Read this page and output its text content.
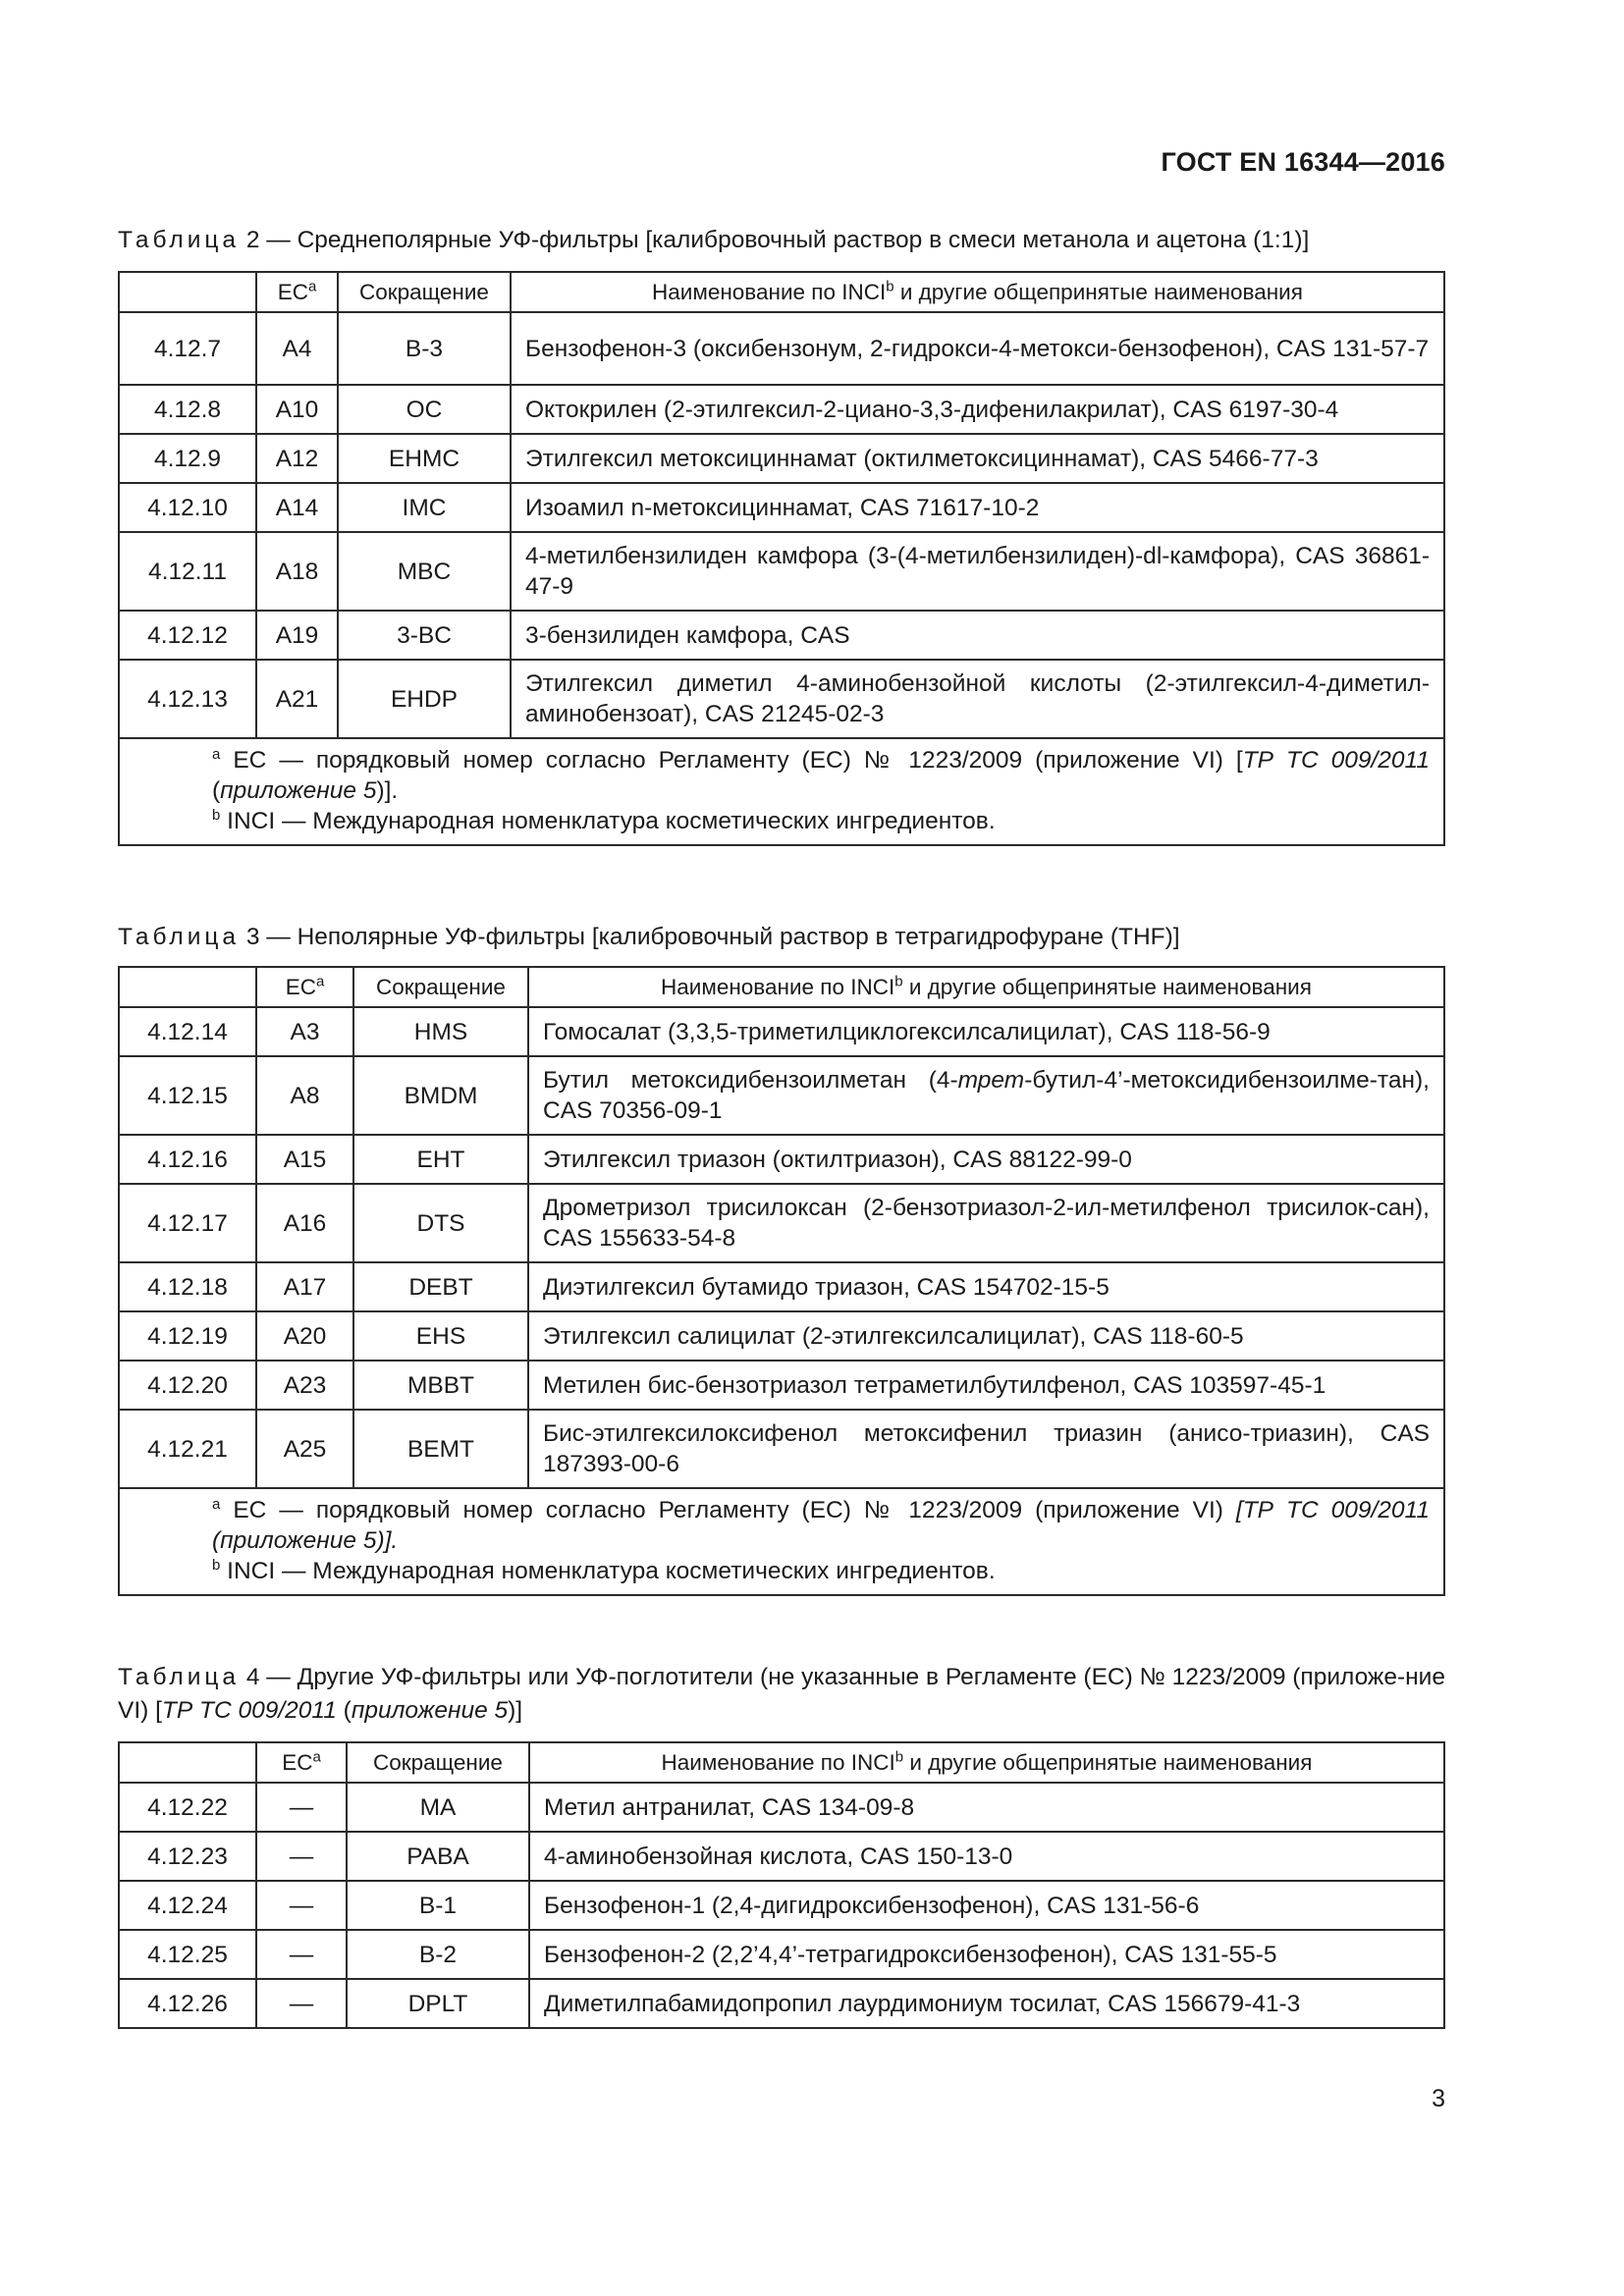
ГОСТ EN 16344—2016
Таблица 2 — Среднеполярные УФ-фильтры [калибровочный раствор в смеси метанола и ацетона (1:1)]
	$EC^a$	Сокращение	Наименование по INCI$^b$ и другие общепринятые наименования
4.12.7	A4	B-3	Бензофенон-3 (оксибензонум, 2-гидрокси-4-метокси-бензофенон), CAS 131-57-7
4.12.8	A10	OC	Октокрилен (2-этилгексил-2-циано-3,3-дифенилакрилат), CAS 6197-30-4
4.12.9	A12	EHMC	Этилгексил метоксициннамат (октилметоксициннамат), CAS 5466-77-3
4.12.10	A14	IMC	Изоамил n-метоксициннамат, CAS 71617-10-2
4.12.11	A18	MBC	4-метилбензилиден камфора (3-(4-метилбензилиден)-dl-камфора), CAS 36861-47-9
4.12.12	A19	3-BC	3-бензилиден камфора, CAS
4.12.13	A21	EHDP	Этилгексил диметил 4-аминобензойной кислоты (2-этилгексил-4-диметил-аминобензоат), CAS 21245-02-3

$^a$ EC — порядковый номер согласно Регламенту (ЕС) № 1223/2009 (приложение VI) [ТР ТС 009/2011 (приложение 5)].
$^b$ INCI — Международная номенклатура косметических ингредиентов.			
Таблица 3 — Неполярные УФ-фильтры [калибровочный раствор в тетрагидрофуране (THF)]
	$EC^a$	Сокращение	Наименование по INCI$^b$ и другие общепринятые наименования
4.12.14	A3	HMS	Гомосалат (3,3,5-триметилциклогексилсалицилат), CAS 118-56-9
4.12.15	A8	BMDM	Бутил метоксидибензоилметан (4-трет-бутил-4’-метоксидибензоилме-тан), CAS 70356-09-1
4.12.16	A15	EHT	Этилгексил триазон (октилтриазон), CAS 88122-99-0
4.12.17	A16	DTS	Дрометризол трисилоксан (2-бензотриазол-2-ил-метилфенол трисилок-сан), CAS 155633-54-8
4.12.18	A17	DEBT	Диэтилгексил бутамидо триазон, CAS 154702-15-5
4.12.19	A20	EHS	Этилгексил салицилат (2-этилгексилсалицилат), CAS 118-60-5
4.12.20	A23	MBBT	Метилен бис-бензотриазол тетраметилбутилфенол, CAS 103597-45-1
4.12.21	A25	BEMT	Бис-этилгексилоксифенол метоксифенил триазин (анисо-триазин), CAS 187393-00-6

$^a$ EC — порядковый номер согласно Регламенту (ЕС) № 1223/2009 (приложение VI) [ТР ТС 009/2011 (приложение 5)].
$^b$ INCI — Международная номенклатура косметических ингредиентов.			
Таблица 4 — Другие УФ-фильтры или УФ-поглотители (не указанные в Регламенте (ЕС) № 1223/2009 (приложе-ние VI) [ТР ТС 009/2011 (приложение 5)]
	$EC^a$	Сокращение	Наименование по INCI$^b$ и другие общепринятые наименования
4.12.22	—	MA	Метил антранилат, CAS 134-09-8
4.12.23	—	PABA	4-аминобензойная кислота, CAS 150-13-0
4.12.24	—	B-1	Бензофенон-1 (2,4-дигидроксибензофенон), CAS 131-56-6
4.12.25	—	B-2	Бензофенон-2 (2,2’4,4’-тетрагидроксибензофенон), CAS 131-55-5
4.12.26	—	DPLT	Диметилпабамидопропил лаурдимониум тосилат, CAS 156679-41-3
3
